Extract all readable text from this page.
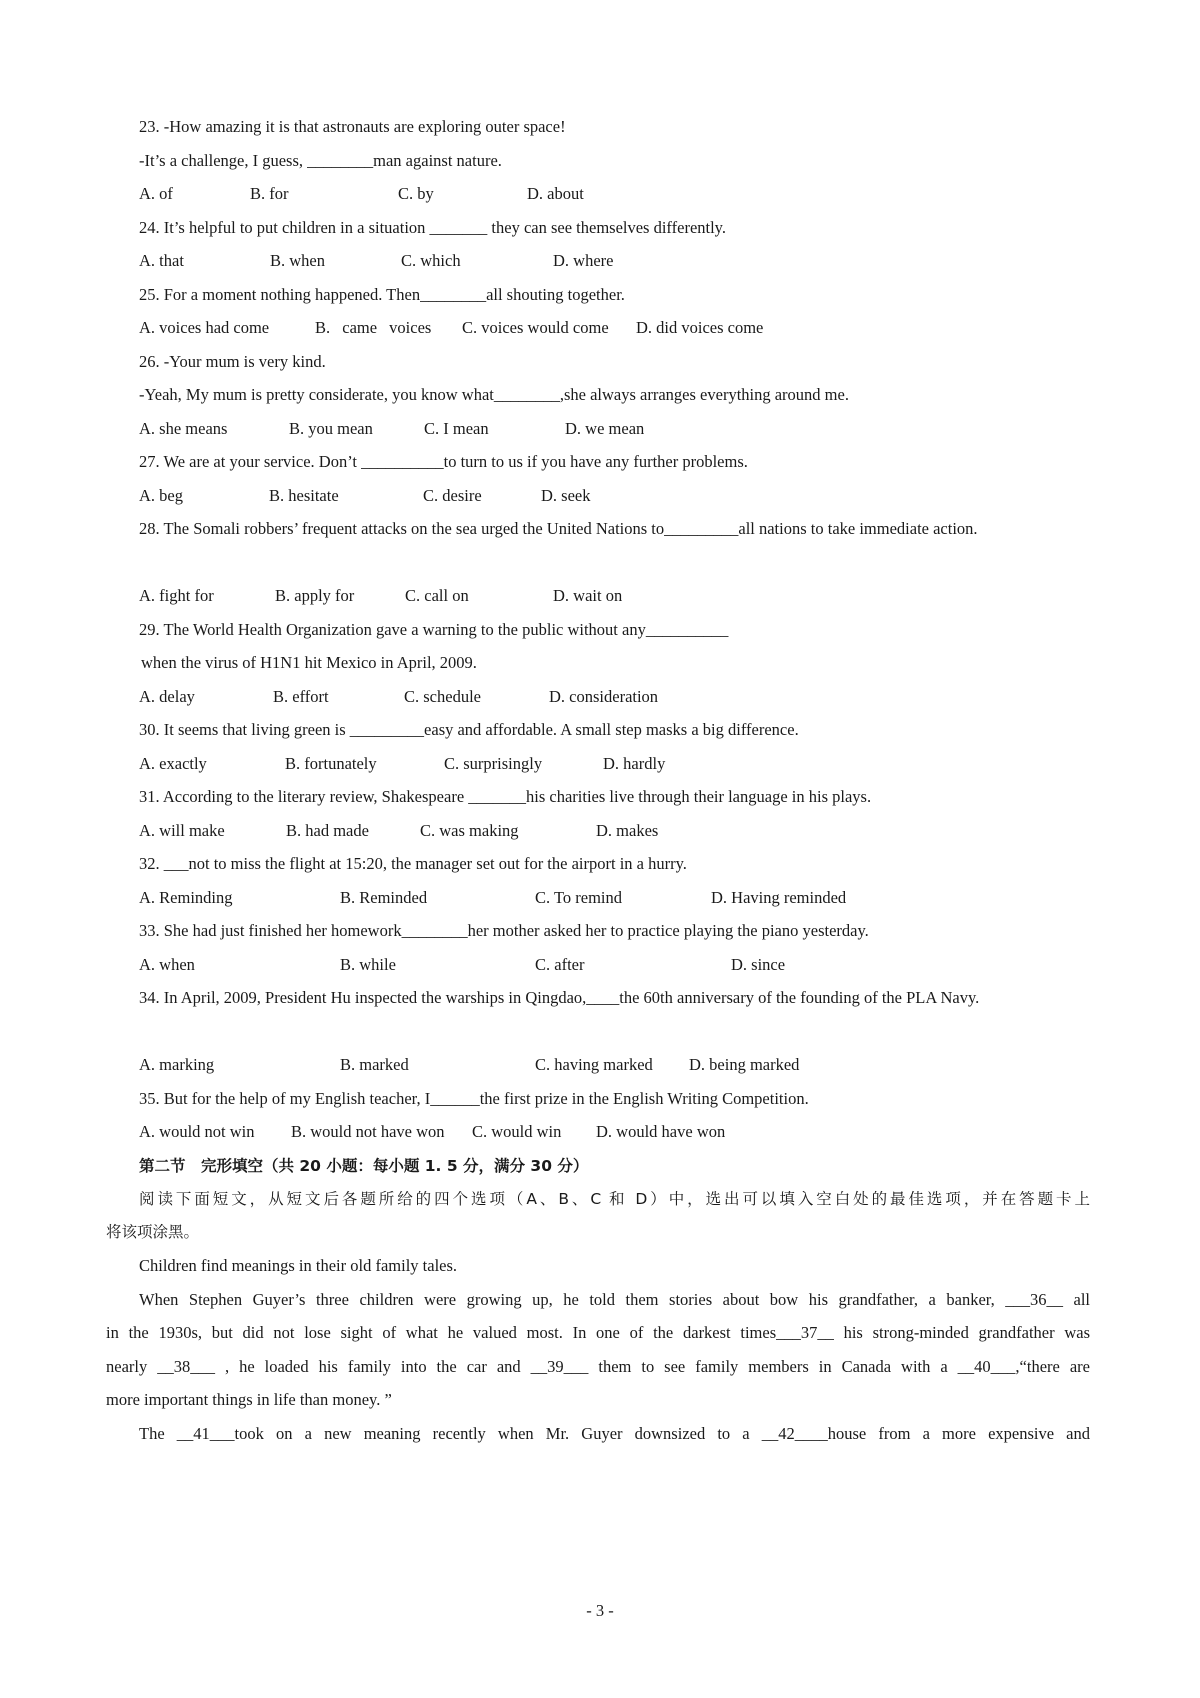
23. -How amazing it is that astronauts are exploring outer space!
-It’s a challenge, I guess, ________man against nature.
A. of	B. for	C. by	D. about
24. It’s helpful to put children in a situation _______ they can see themselves differently.
A. that	B. when	C. which	D. where
25. For a moment nothing happened. Then________all shouting together.
A. voices had come	B. came voices C. voices would come D. did voices come
26. -Your mum is very kind.
-Yeah, My mum is pretty considerate, you know what________,she always arranges everything around me.
A. she means	B. you mean	C. I mean	D. we mean
27. We are at your service. Don’t __________to turn to us if you have any further problems.
A. beg	B. hesitate	C. desire	D. seek
28. The Somali robbers’ frequent attacks on the sea urged the United Nations to_________all nations to take immediate action.
A. fight for	B. apply for	C. call on	D. wait on
29. The World Health Organization gave a warning to the public without any__________
when the virus of H1N1 hit Mexico in April, 2009.
A. delay	B. effort	C. schedule	D. consideration
30. It seems that living green is _________easy and affordable. A small step masks a big difference.
A. exactly	B. fortunately	C. surprisingly	D. hardly
31. According to the literary review, Shakespeare _______his charities live through their language in his plays.
A. will make	B. had made	C. was making	D. makes
32. ___not to miss the flight at 15:20, the manager set out for the airport in a hurry.
A. Reminding	B. Reminded	C. To remind	D. Having reminded
33. She had just finished her homework________her mother asked her to practice playing the piano yesterday.
A. when	B. while	C. after	D. since
34. In April, 2009, President Hu inspected the warships in Qingdao,____the 60th anniversary of the founding of the PLA Navy.
A. marking	B. marked	C. having marked D. being marked
35. But for the help of my English teacher, I______the first prize in the English Writing Competition.
A. would not win B. would not have won C. would win D. would have won
第二节　完形填空（共 20 小题：每小题 1. 5 分，满分 30 分）
阅读下面短文，从短文后各题所给的四个选项（A、B、C 和 D）中，选出可以填入空白处的最佳选项，并在答题卡上
将该项涂黑。
Children find meanings in their old family tales.
When Stephen Guyer’s three children were growing up, he told them stories about bow his grandfather, a banker, ___36__ all
in the 1930s, but did not lose sight of what he valued most. In one of the darkest times___37__ his strong-minded grandfather was
nearly __38___ , he loaded his family into the car and __39___ them to see family members in Canada with a __40___,“there are
more important things in life than money. ”
The __41___took on a new meaning recently when Mr. Guyer downsized to a __42____house from a more expensive and
- 3 -
